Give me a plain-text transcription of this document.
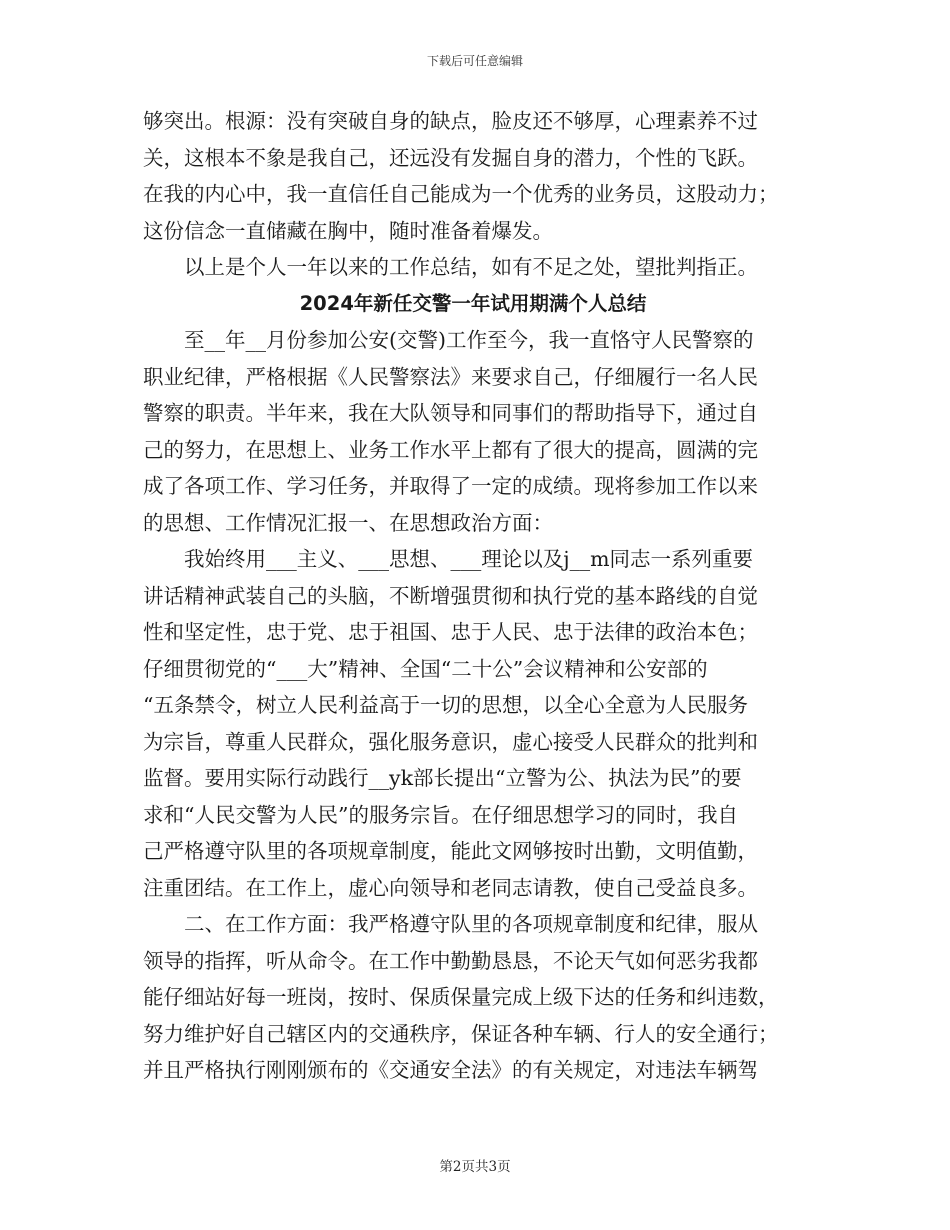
下载后可任意编辑
够突出。根源：没有突破自身的缺点，脸皮还不够厚，心理素养不过
关，这根本不象是我自己，还远没有发掘自身的潜力，个性的飞跃。
在我的内心中，我一直信任自己能成为一个优秀的业务员，这股动力；
这份信念一直储藏在胸中，随时准备着爆发。
以上是个人一年以来的工作总结，如有不足之处，望批判指正。
2024年新任交警一年试用期满个人总结
至__年__月份参加公安(交警)工作至今，我一直恪守人民警察的
职业纪律，严格根据《人民警察法》来要求自己，仔细履行一名人民
警察的职责。半年来，我在大队领导和同事们的帮助指导下，通过自
己的努力，在思想上、业务工作水平上都有了很大的提高，圆满的完
成了各项工作、学习任务，并取得了一定的成绩。现将参加工作以来
的思想、工作情况汇报一、在思想政治方面：
我始终用___主义、___思想、___理论以及j__m同志一系列重要
讲话精神武装自己的头脑，不断增强贯彻和执行党的基本路线的自觉
性和坚定性，忠于党、忠于祖国、忠于人民、忠于法律的政治本色；
仔细贯彻党的“___大”精神、全国“二十公”会议精神和公安部的
“五条禁令，树立人民利益高于一切的思想，以全心全意为人民服务
为宗旨，尊重人民群众，强化服务意识，虚心接受人民群众的批判和
监督。要用实际行动践行__yk部长提出“立警为公、执法为民”的要
求和“人民交警为人民”的服务宗旨。在仔细思想学习的同时，我自
己严格遵守队里的各项规章制度，能此文网够按时出勤，文明值勤，
注重团结。在工作上，虚心向领导和老同志请教，使自己受益良多。
二、在工作方面：我严格遵守队里的各项规章制度和纪律，服从
领导的指挥，听从命令。在工作中勤勤恳恳，不论天气如何恶劣我都
能仔细站好每一班岗，按时、保质保量完成上级下达的任务和纠违数，
努力维护好自己辖区内的交通秩序，保证各种车辆、行人的安全通行；
并且严格执行刚刚颁布的《交通安全法》的有关规定，对违法车辆驾
第2页共3页
